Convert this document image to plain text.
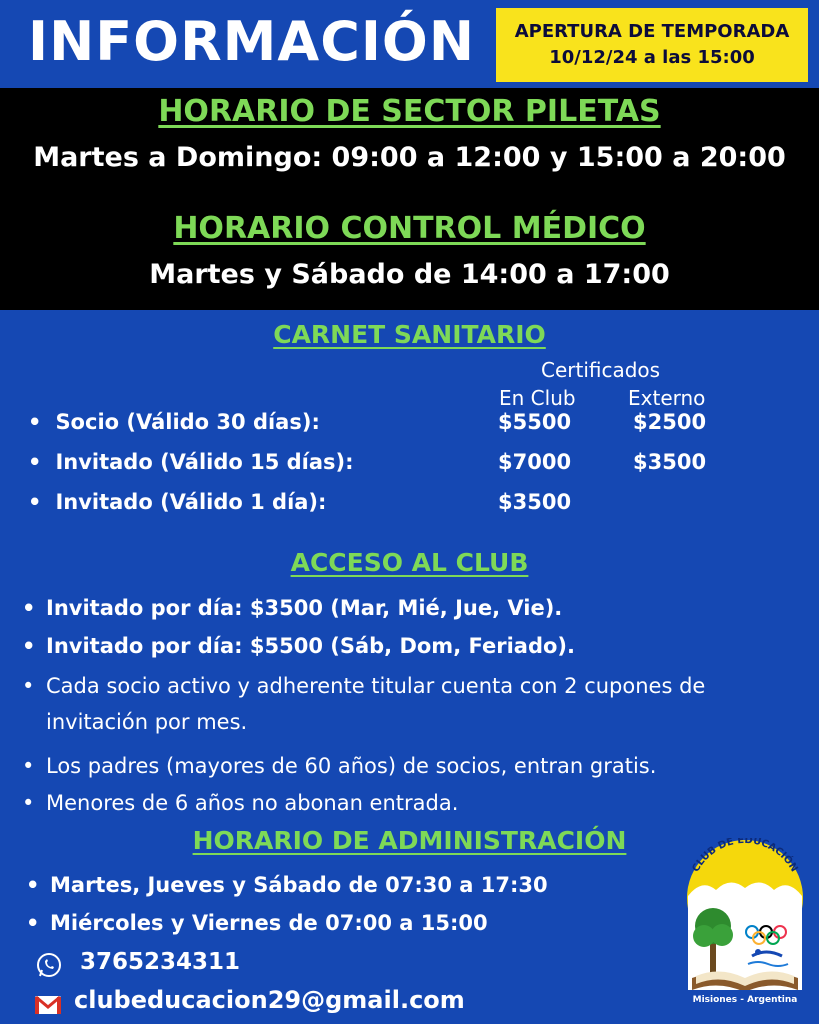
INFORMACIÓN	APERTURA DE TEMPORADA
10/12/24 a las 15:00
HORARIO DE SECTOR PILETAS
Martes a Domingo: 09:00 a 12:00 y 15:00 a 20:00
HORARIO CONTROL MÉDICO
Martes y Sábado de 14:00 a 17:00
CARNET SANITARIO
Certificados
En Club	Externo
• Socio (Válido 30 días):	$5500	$2500
• Invitado (Válido 15 días):	$7000	$3500
• Invitado (Válido 1 día):	$3500
ACCESO AL CLUB
• Invitado por día: $3500 (Mar, Mié, Jue, Vie).
• Invitado por día: $5500 (Sáb, Dom, Feriado).
• Cada socio activo y adherente titular cuenta con 2 cupones de
invitación por mes.
• Los padres (mayores de 60 años) de socios, entran gratis.
• Menores de 6 años no abonan entrada.
HORARIO DE ADMINISTRACIÓN
• Martes, Jueves y Sábado de 07:30 a 17:30
• Miércoles y Viernes de 07:00 a 15:00
3765234311
clubeducacion29@gmail.com
CLUB DE EDUCACIÓN
Misiones - Argentina
